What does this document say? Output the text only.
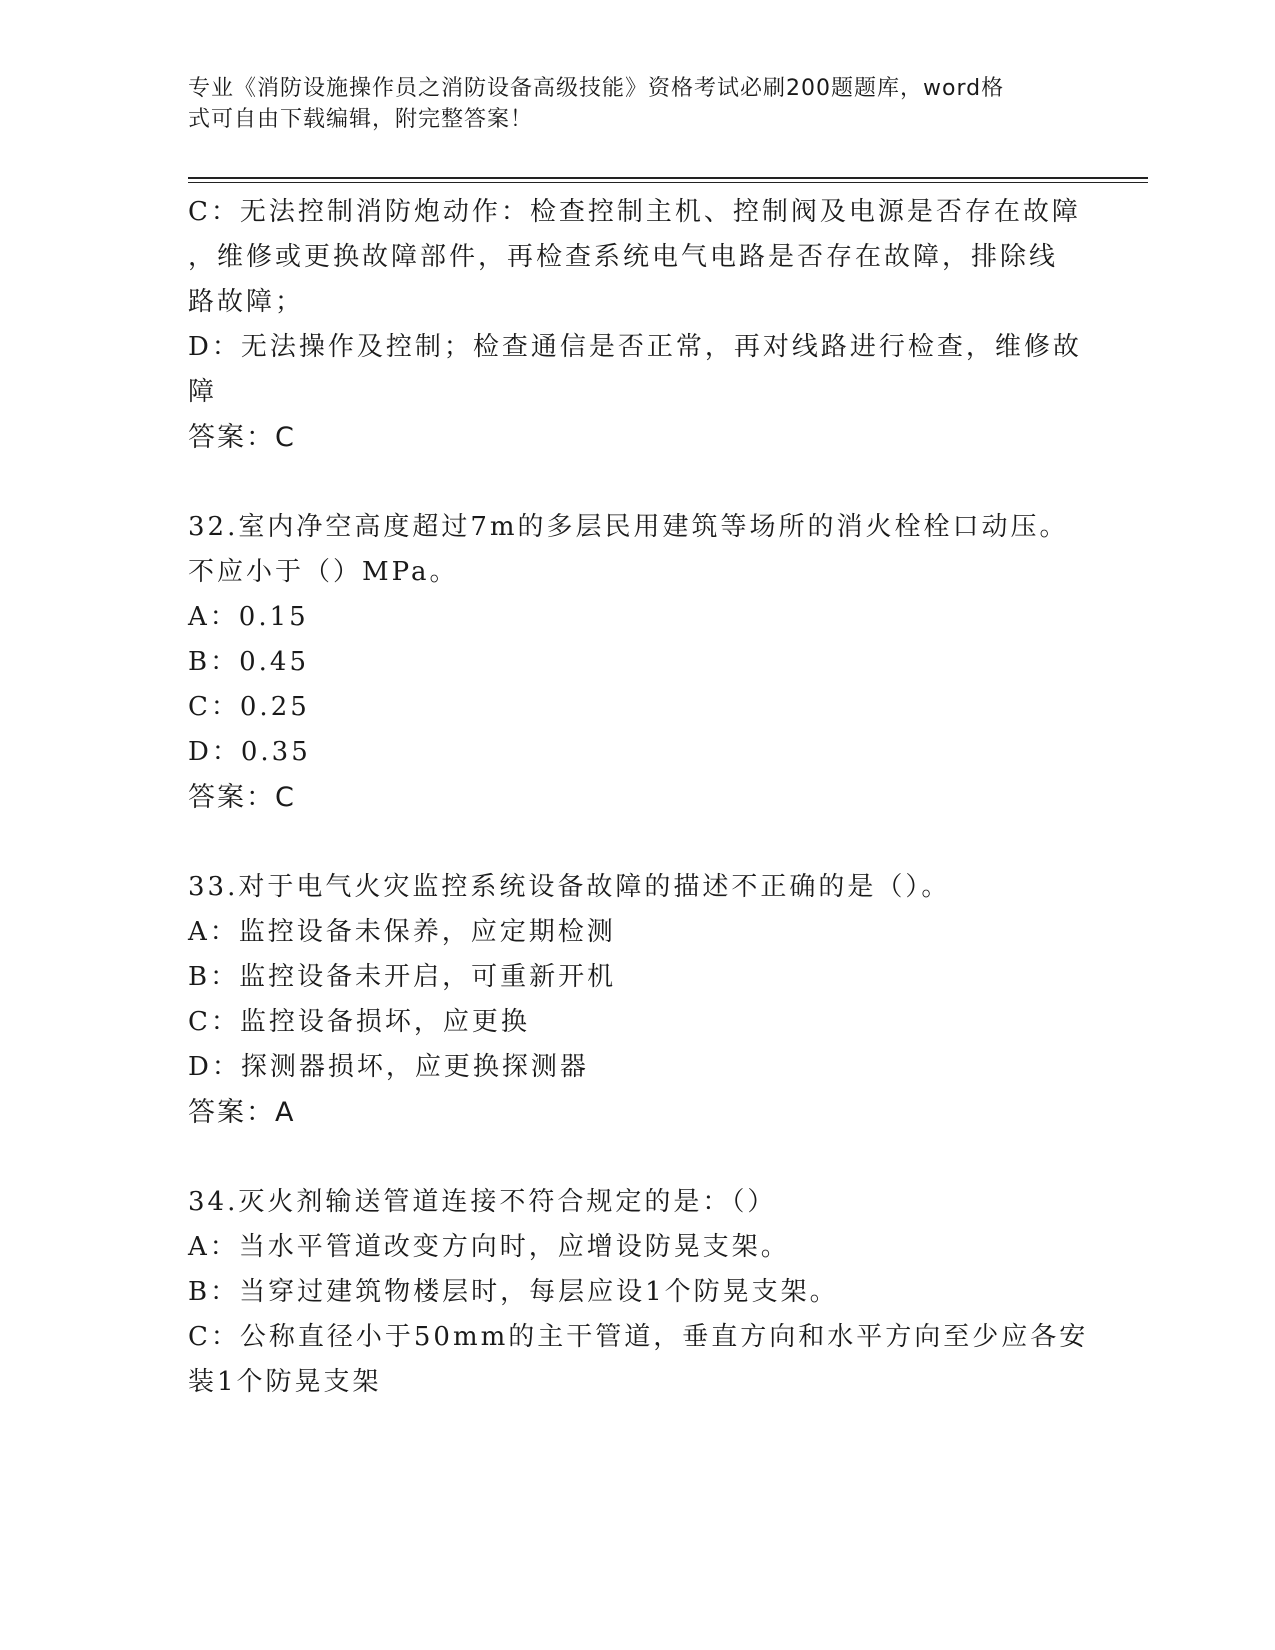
专业《消防设施操作员之消防设备高级技能》资格考试必刷200题题库，word格
式可自由下载编辑，附完整答案！
C：无法控制消防炮动作：检查控制主机、控制阀及电源是否存在故障
，维修或更换故障部件，再检查系统电气电路是否存在故障，排除线
路故障；
D：无法操作及控制；检查通信是否正常，再对线路进行检查，维修故
障
答案：C
32.室内净空高度超过7m的多层民用建筑等场所的消火栓栓口动压。
不应小于（）MPa。
A：0.15
B：0.45
C：0.25
D：0.35
答案：C
33.对于电气火灾监控系统设备故障的描述不正确的是（）。
A：监控设备未保养，应定期检测
B：监控设备未开启，可重新开机
C：监控设备损坏，应更换
D：探测器损坏，应更换探测器
答案：A
34.灭火剂输送管道连接不符合规定的是：（）
A：当水平管道改变方向时，应增设防晃支架。
B：当穿过建筑物楼层时，每层应设1个防晃支架。
C：公称直径小于50mm的主干管道，垂直方向和水平方向至少应各安
装1个防晃支架
